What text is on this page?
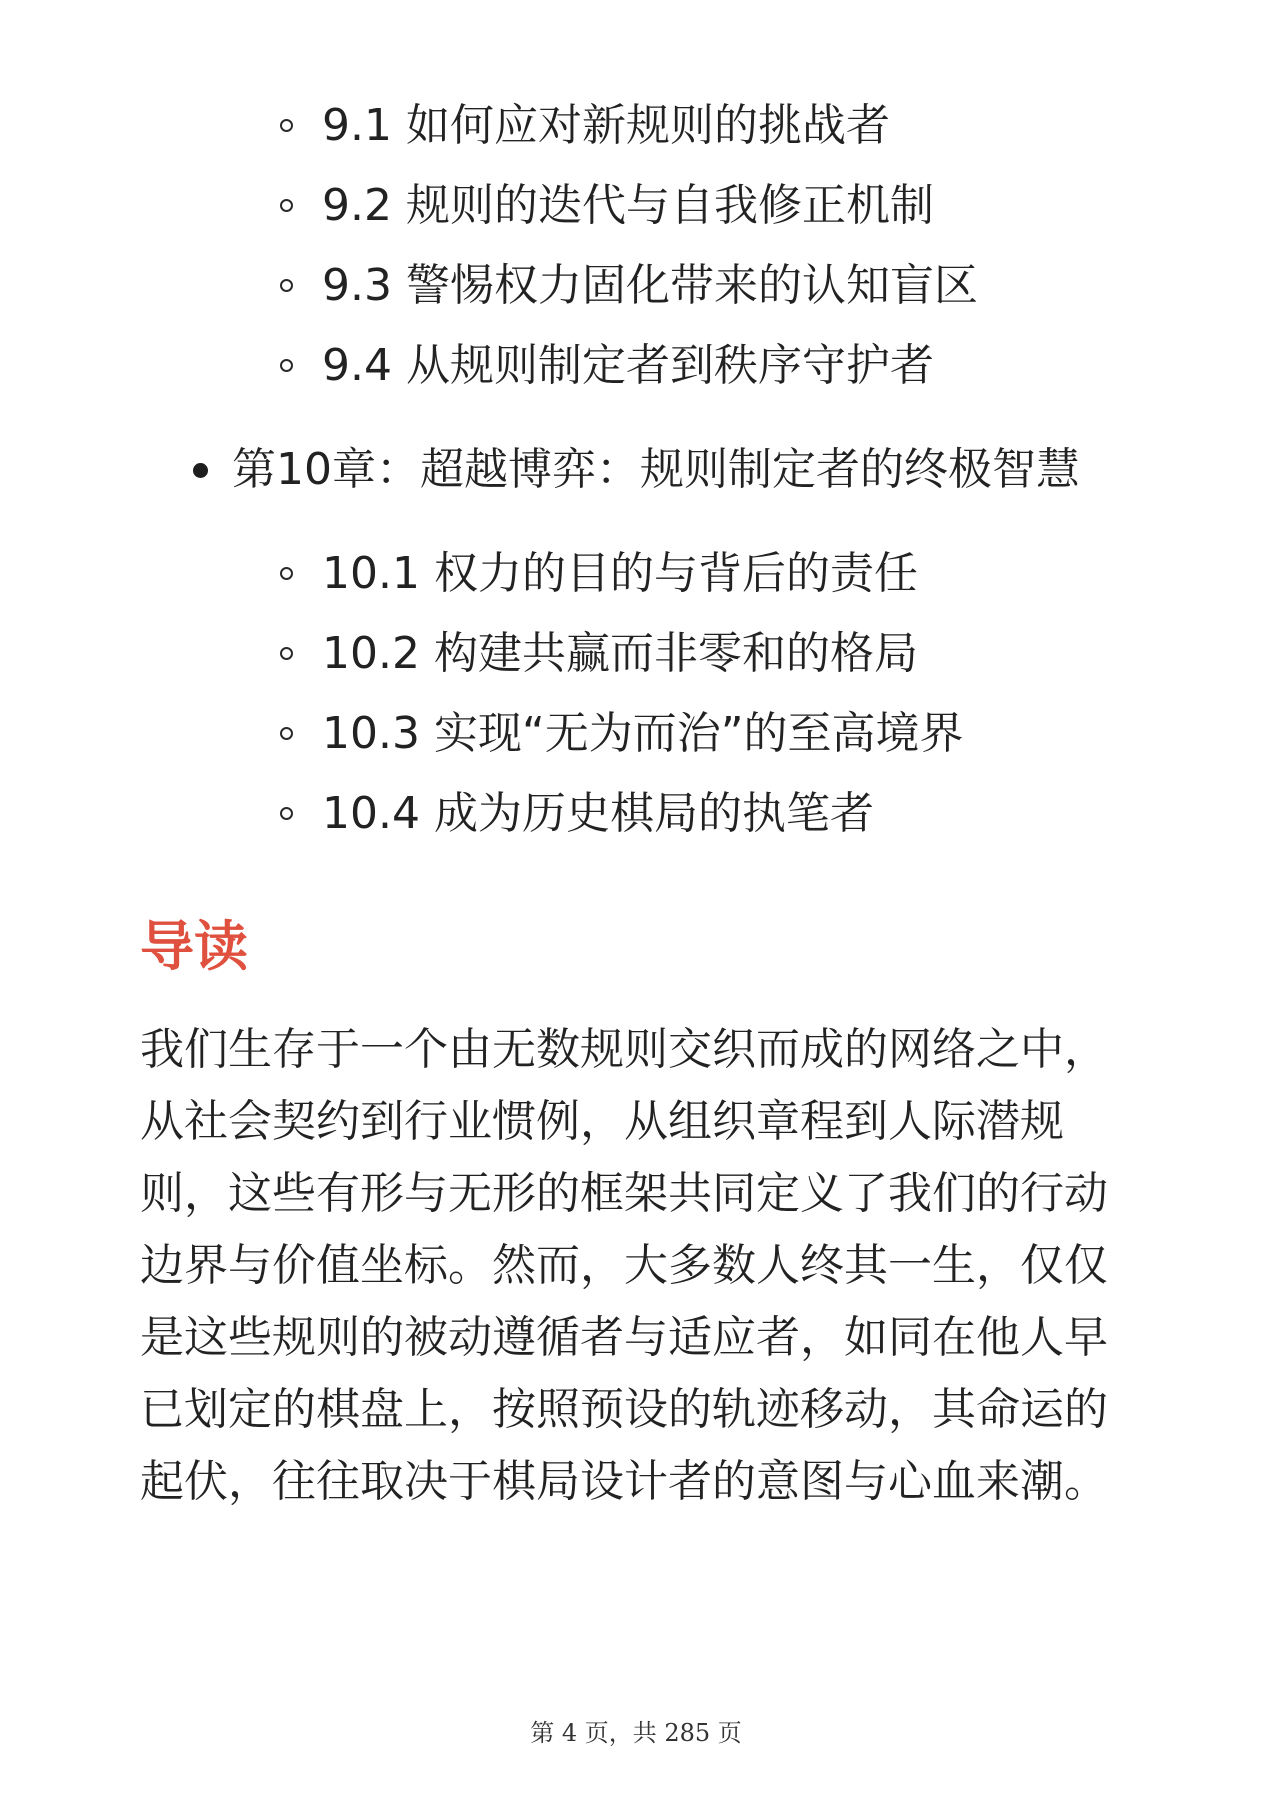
9.1 如何应对新规则的挑战者
9.2 规则的迭代与自我修正机制
9.3 警惕权力固化带来的认知盲区
9.4 从规则制定者到秩序守护者
第10章：超越博弈：规则制定者的终极智慧
10.1 权力的目的与背后的责任
10.2 构建共赢而非零和的格局
10.3 实现“无为而治”的至高境界
10.4 成为历史棋局的执笔者
导读

我们生存于一个由无数规则交织而成的网络之中，

从社会契约到行业惯例，从组织章程到人际潜规

则，这些有形与无形的框架共同定义了我们的行动

边界与价值坐标。然而，大多数人终其一生，仅仅

是这些规则的被动遵循者与适应者，如同在他人早

已划定的棋盘上，按照预设的轨迹移动，其命运的

起伏，往往取决于棋局设计者的意图与心血来潮。

第 4 页，共 285 页
